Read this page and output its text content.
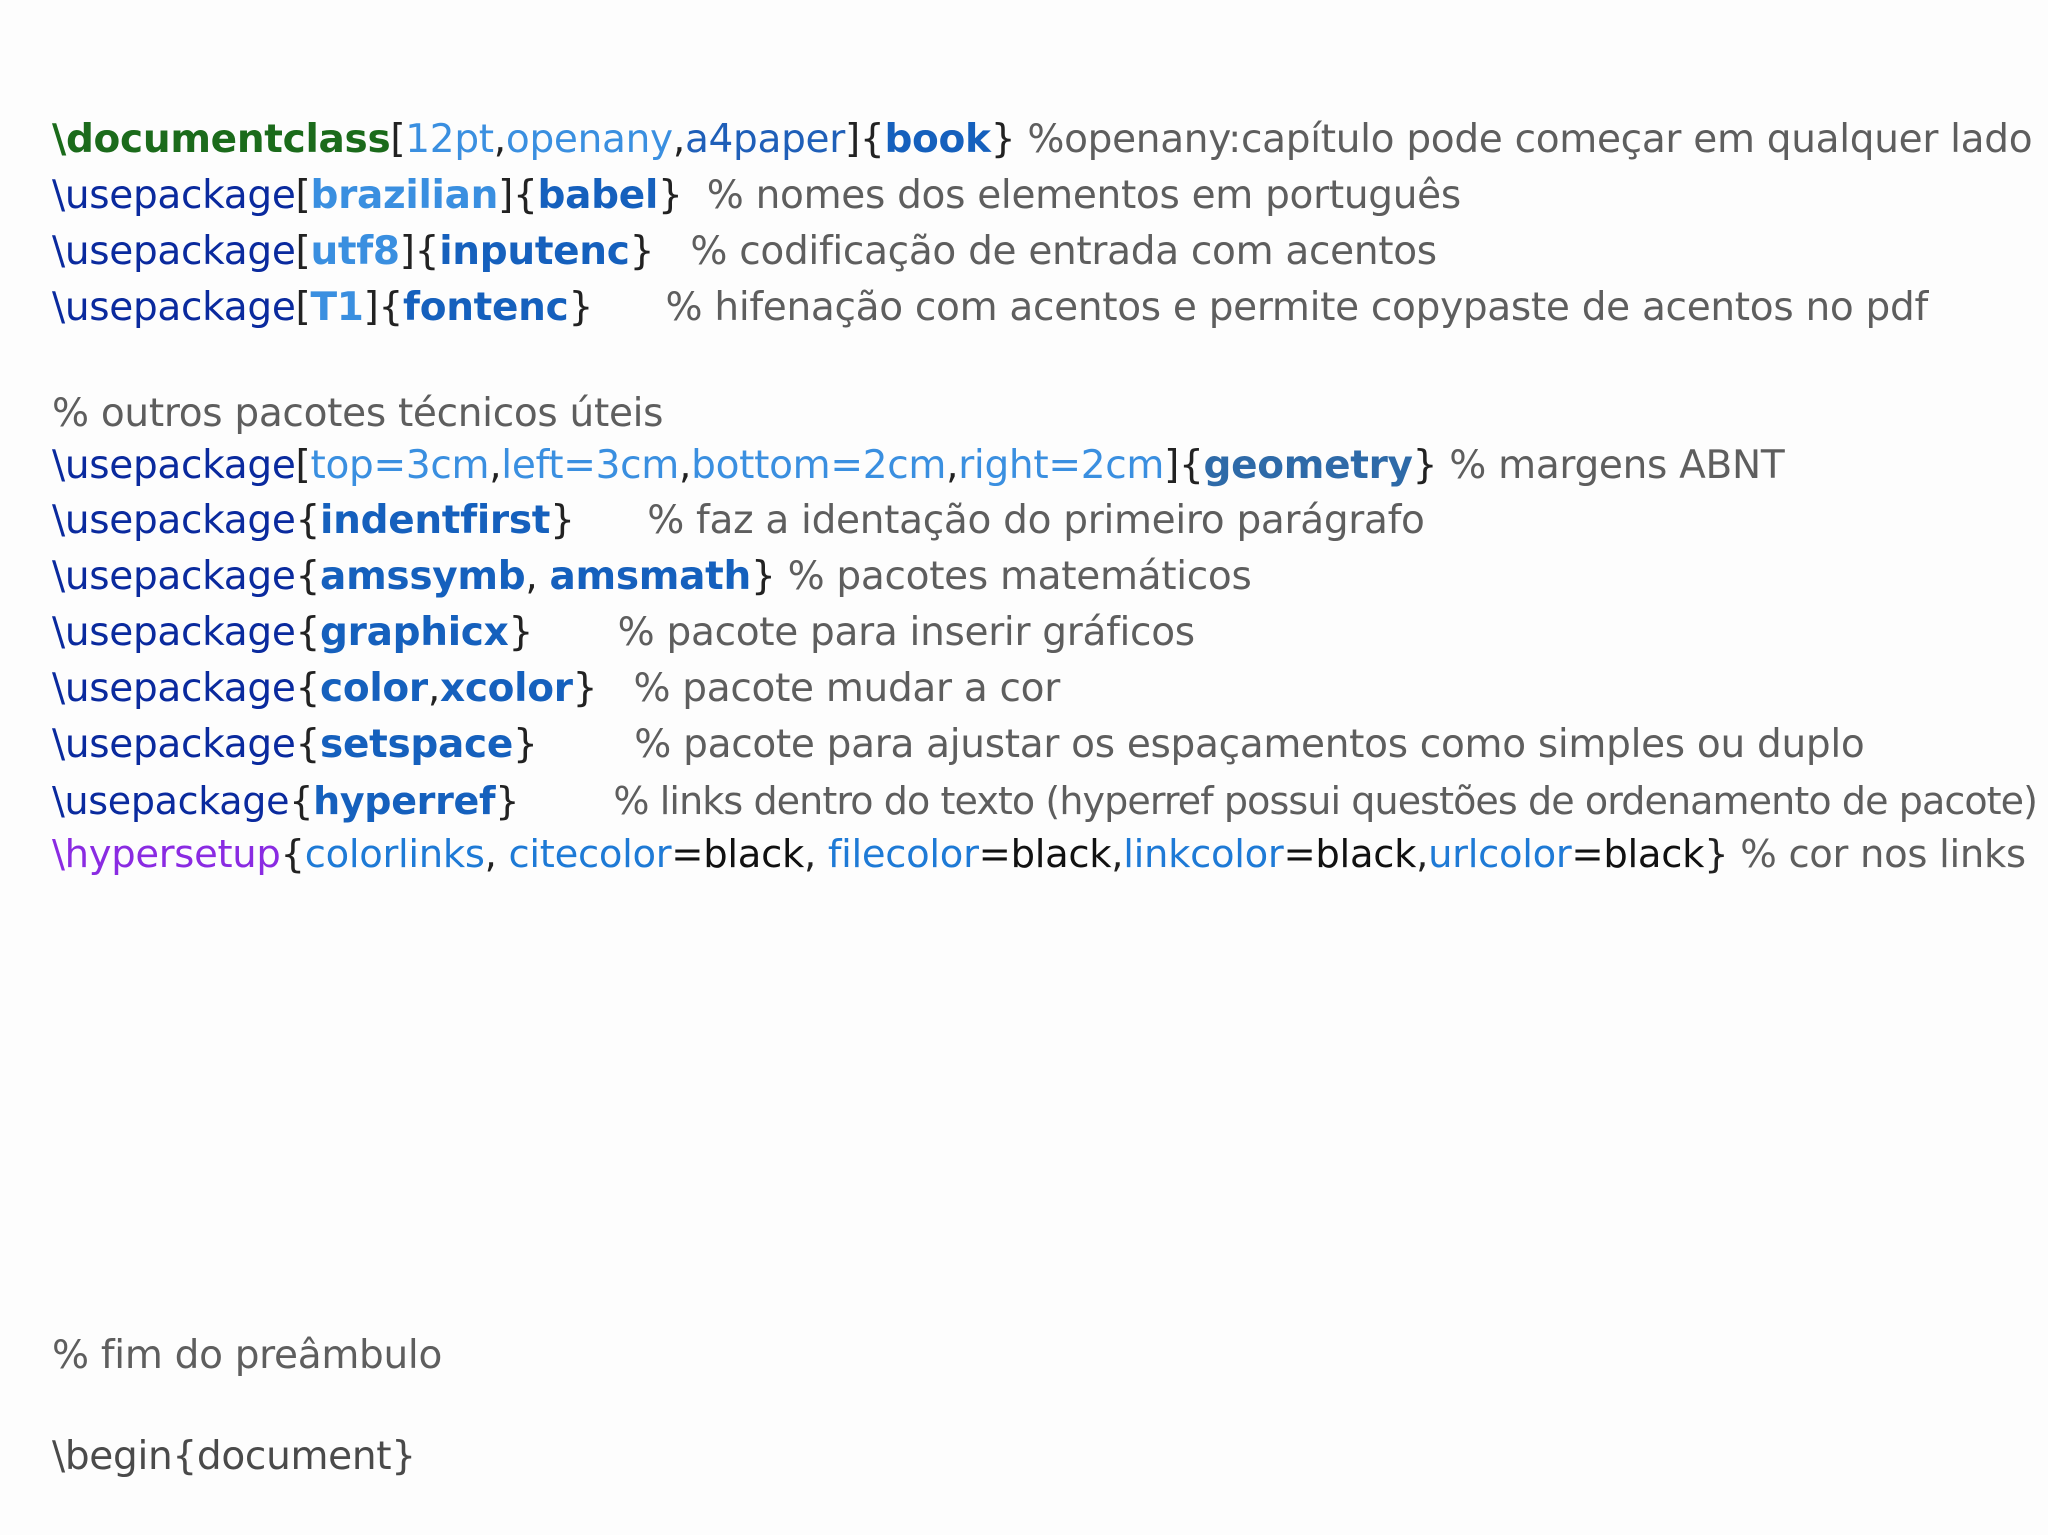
\documentclass[12pt,openany,a4paper]{book} %openany:capítulo pode começar em qualquer lado
\usepackage[brazilian]{babel}  % nomes dos elementos em português
\usepackage[utf8]{inputenc}   % codificação de entrada com acentos
\usepackage[T1]{fontenc}      % hifenação com acentos e permite copypaste de acentos no pdf
% outros pacotes técnicos úteis
\usepackage[top=3cm,left=3cm,bottom=2cm,right=2cm]{geometry} % margens ABNT
\usepackage{indentfirst}      % faz a identação do primeiro parágrafo
\usepackage{amssymb, amsmath} % pacotes matemáticos
\usepackage{graphicx}       % pacote para inserir gráficos
\usepackage{color,xcolor}   % pacote mudar a cor
\usepackage{setspace}        % pacote para ajustar os espaçamentos como simples ou duplo
\usepackage{hyperref}        % links dentro do texto (hyperref possui questões de ordenamento de pacote)
\hypersetup{colorlinks, citecolor=black, filecolor=black,linkcolor=black,urlcolor=black} % cor nos links
% fim do preâmbulo
\begin{document}
